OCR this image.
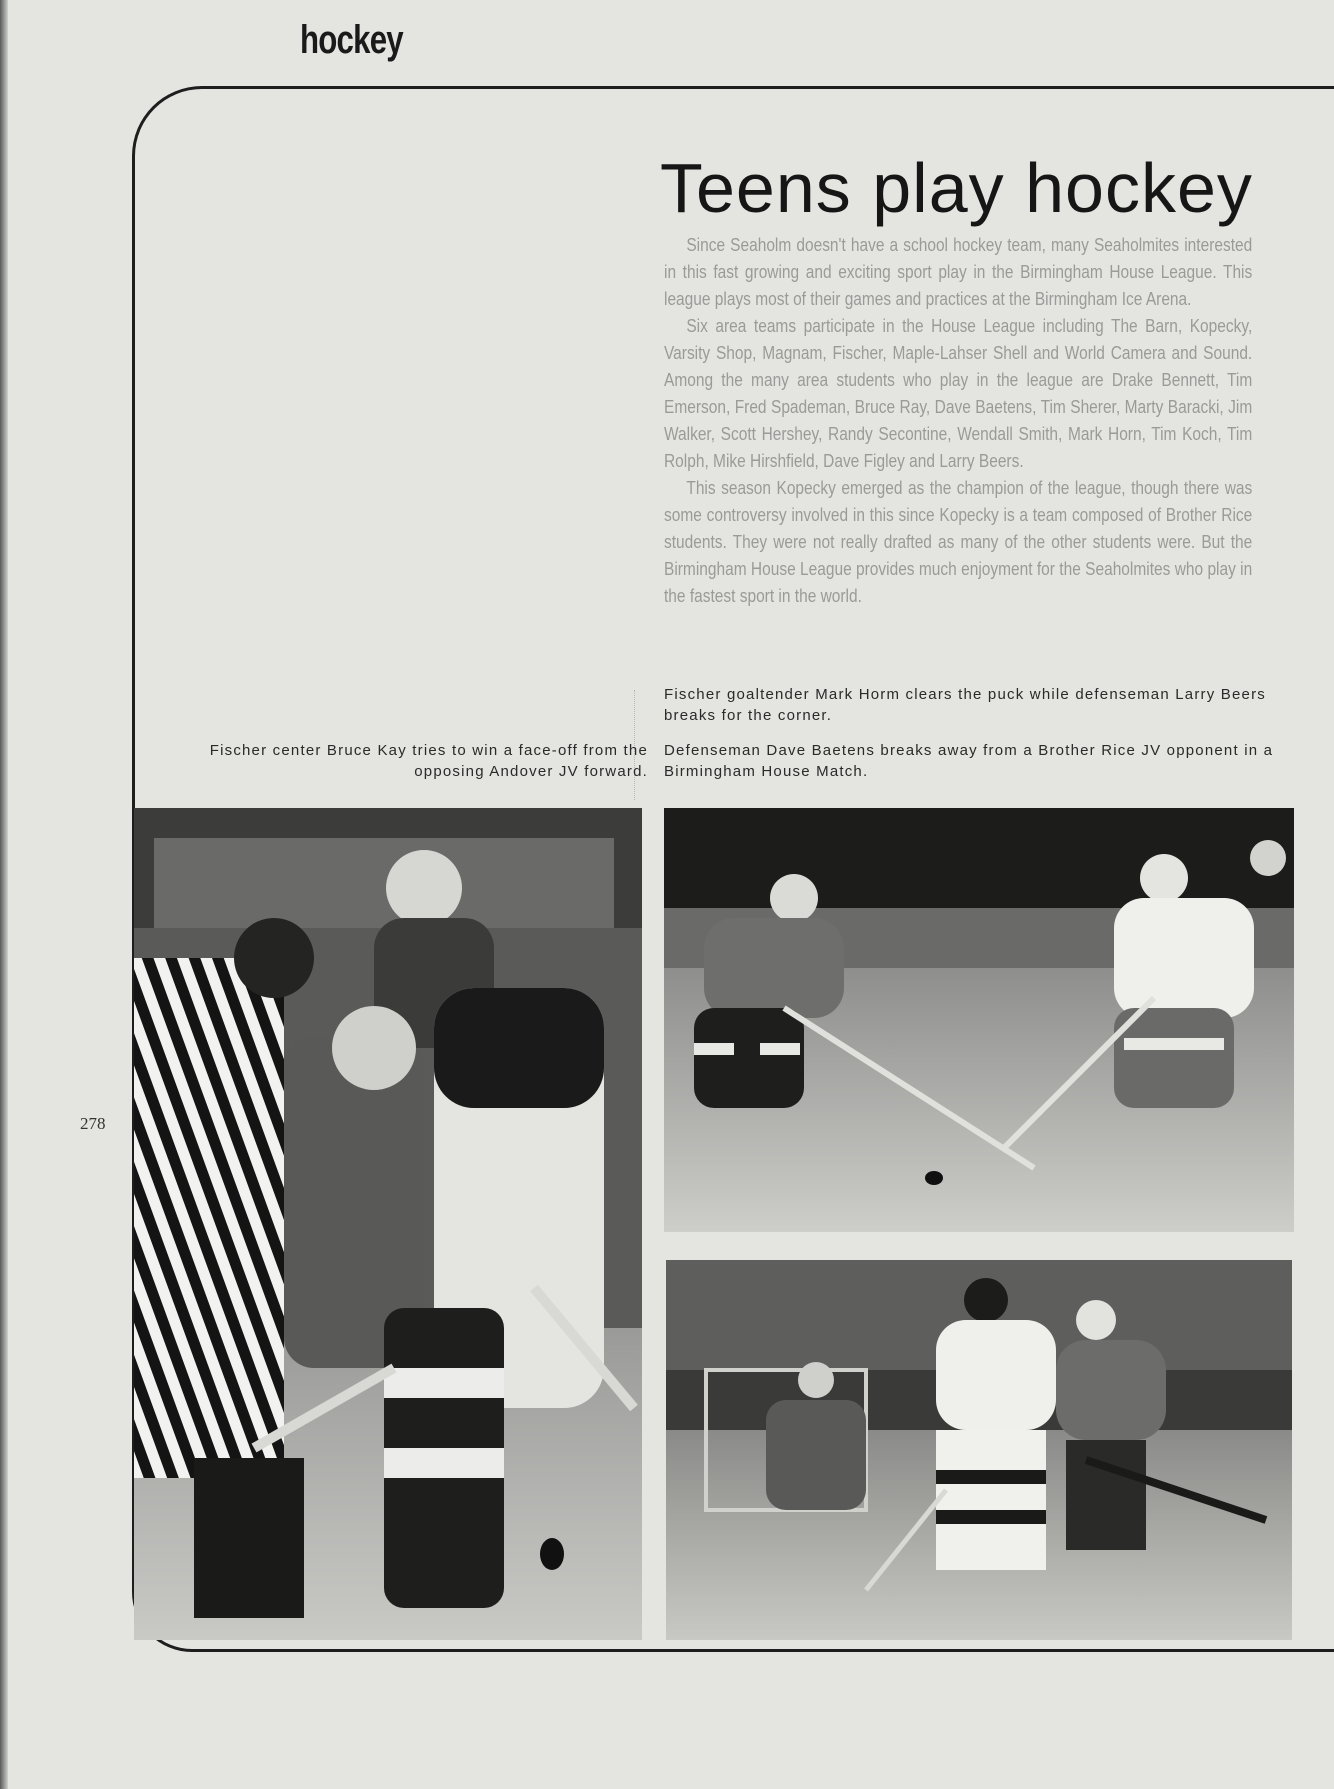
hockey
Teens play hockey

Since Seaholm doesn't have a school hockey team, many Seaholmites interested in this fast growing and exciting sport play in the Birmingham House League. This league plays most of their games and practices at the Birmingham Ice Arena.

Six area teams participate in the House League including The Barn, Kopecky, Varsity Shop, Magnam, Fischer, Maple-Lahser Shell and World Camera and Sound. Among the many area students who play in the league are Drake Bennett, Tim Emerson, Fred Spademan, Bruce Ray, Dave Baetens, Tim Sherer, Marty Baracki, Jim Walker, Scott Hershey, Randy Secontine, Wendall Smith, Mark Horn, Tim Koch, Tim Rolph, Mike Hirshfield, Dave Figley and Larry Beers.

This season Kopecky emerged as the champion of the league, though there was some controversy involved in this since Kopecky is a team composed of Brother Rice students. They were not really drafted as many of the other students were. But the Birmingham House League provides much enjoyment for the Seaholmites who play in the fastest sport in the world.

Fischer goaltender Mark Horm clears the puck while defenseman Larry Beers breaks for the corner.
Fischer center Bruce Kay tries to win a face-off from the opposing Andover JV forward.
Defenseman Dave Baetens breaks away from a Brother Rice JV opponent in a Birmingham House Match.
278
